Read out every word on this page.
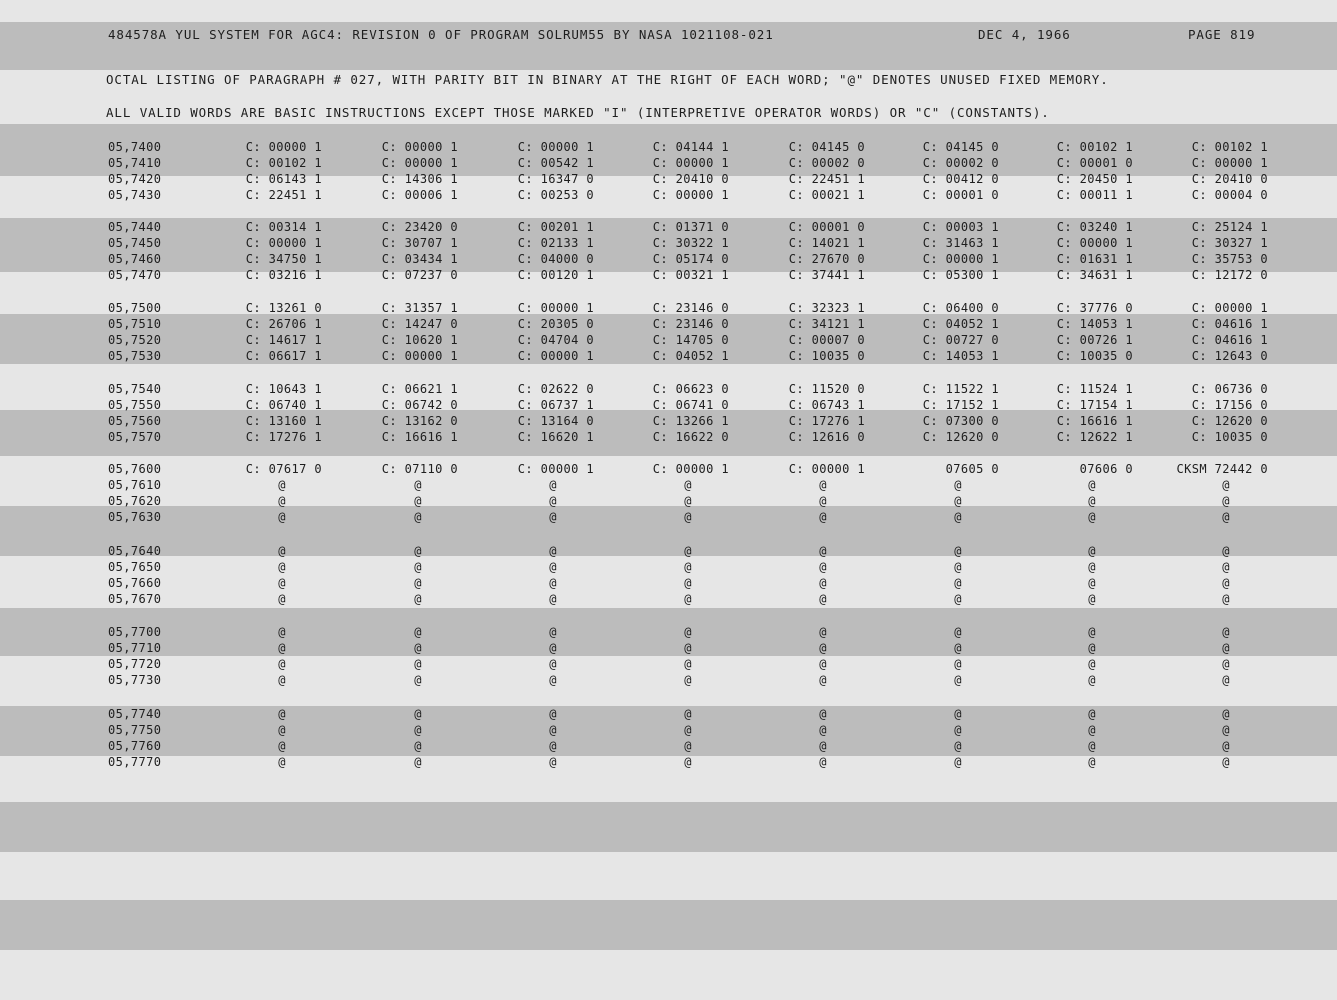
484578A YUL SYSTEM FOR AGC4: REVISION 0 OF PROGRAM SOLRUM55 BY NASA 1021108-021

	DEC 4, 1966

	PAGE 819

OCTAL LISTING OF PARAGRAPH # 027, WITH PARITY BIT IN BINARY AT THE RIGHT OF EACH WORD; "@" DENOTES UNUSED FIXED MEMORY.

ALL VALID WORDS ARE BASIC INSTRUCTIONS EXCEPT THOSE MARKED "I" (INTERPRETIVE OPERATOR WORDS) OR "C" (CONSTANTS).

05,7400	C: 00000 1	C: 00000 1	C: 00000 1	C: 04144 1	C: 04145 0	C: 04145 0	C: 00102 1	C: 00102 1
05,7410	C: 00102 1	C: 00000 1	C: 00542 1	C: 00000 1	C: 00002 0	C: 00002 0	C: 00001 0	C: 00000 1
05,7420	C: 06143 1	C: 14306 1	C: 16347 0	C: 20410 0	C: 22451 1	C: 00412 0	C: 20450 1	C: 20410 0
05,7430	C: 22451 1	C: 00006 1	C: 00253 0	C: 00000 1	C: 00021 1	C: 00001 0	C: 00011 1	C: 00004 0
05,7440	C: 00314 1	C: 23420 0	C: 00201 1	C: 01371 0	C: 00001 0	C: 00003 1	C: 03240 1	C: 25124 1
05,7450	C: 00000 1	C: 30707 1	C: 02133 1	C: 30322 1	C: 14021 1	C: 31463 1	C: 00000 1	C: 30327 1
05,7460	C: 34750 1	C: 03434 1	C: 04000 0	C: 05174 0	C: 27670 0	C: 00000 1	C: 01631 1	C: 35753 0
05,7470	C: 03216 1	C: 07237 0	C: 00120 1	C: 00321 1	C: 37441 1	C: 05300 1	C: 34631 1	C: 12172 0
05,7500	C: 13261 0	C: 31357 1	C: 00000 1	C: 23146 0	C: 32323 1	C: 06400 0	C: 37776 0	C: 00000 1
05,7510	C: 26706 1	C: 14247 0	C: 20305 0	C: 23146 0	C: 34121 1	C: 04052 1	C: 14053 1	C: 04616 1
05,7520	C: 14617 1	C: 10620 1	C: 04704 0	C: 14705 0	C: 00007 0	C: 00727 0	C: 00726 1	C: 04616 1
05,7530	C: 06617 1	C: 00000 1	C: 00000 1	C: 04052 1	C: 10035 0	C: 14053 1	C: 10035 0	C: 12643 0
05,7540	C: 10643 1	C: 06621 1	C: 02622 0	C: 06623 0	C: 11520 0	C: 11522 1	C: 11524 1	C: 06736 0
05,7550	C: 06740 1	C: 06742 0	C: 06737 1	C: 06741 0	C: 06743 1	C: 17152 1	C: 17154 1	C: 17156 0
05,7560	C: 13160 1	C: 13162 0	C: 13164 0	C: 13266 1	C: 17276 1	C: 07300 0	C: 16616 1	C: 12620 0
05,7570	C: 17276 1	C: 16616 1	C: 16620 1	C: 16622 0	C: 12616 0	C: 12620 0	C: 12622 1	C: 10035 0
05,7600	C: 07617 0	C: 07110 0	C: 00000 1	C: 00000 1	C: 00000 1	07605 0	07606 0	CKSM 72442 0
05,7610	@	@	@	@	@	@	@	@
05,7620	@	@	@	@	@	@	@	@
05,7630	@	@	@	@	@	@	@	@
05,7640	@	@	@	@	@	@	@	@
05,7650	@	@	@	@	@	@	@	@
05,7660	@	@	@	@	@	@	@	@
05,7670	@	@	@	@	@	@	@	@
05,7700	@	@	@	@	@	@	@	@
05,7710	@	@	@	@	@	@	@	@
05,7720	@	@	@	@	@	@	@	@
05,7730	@	@	@	@	@	@	@	@
05,7740	@	@	@	@	@	@	@	@
05,7750	@	@	@	@	@	@	@	@
05,7760	@	@	@	@	@	@	@	@
05,7770	@	@	@	@	@	@	@	@
